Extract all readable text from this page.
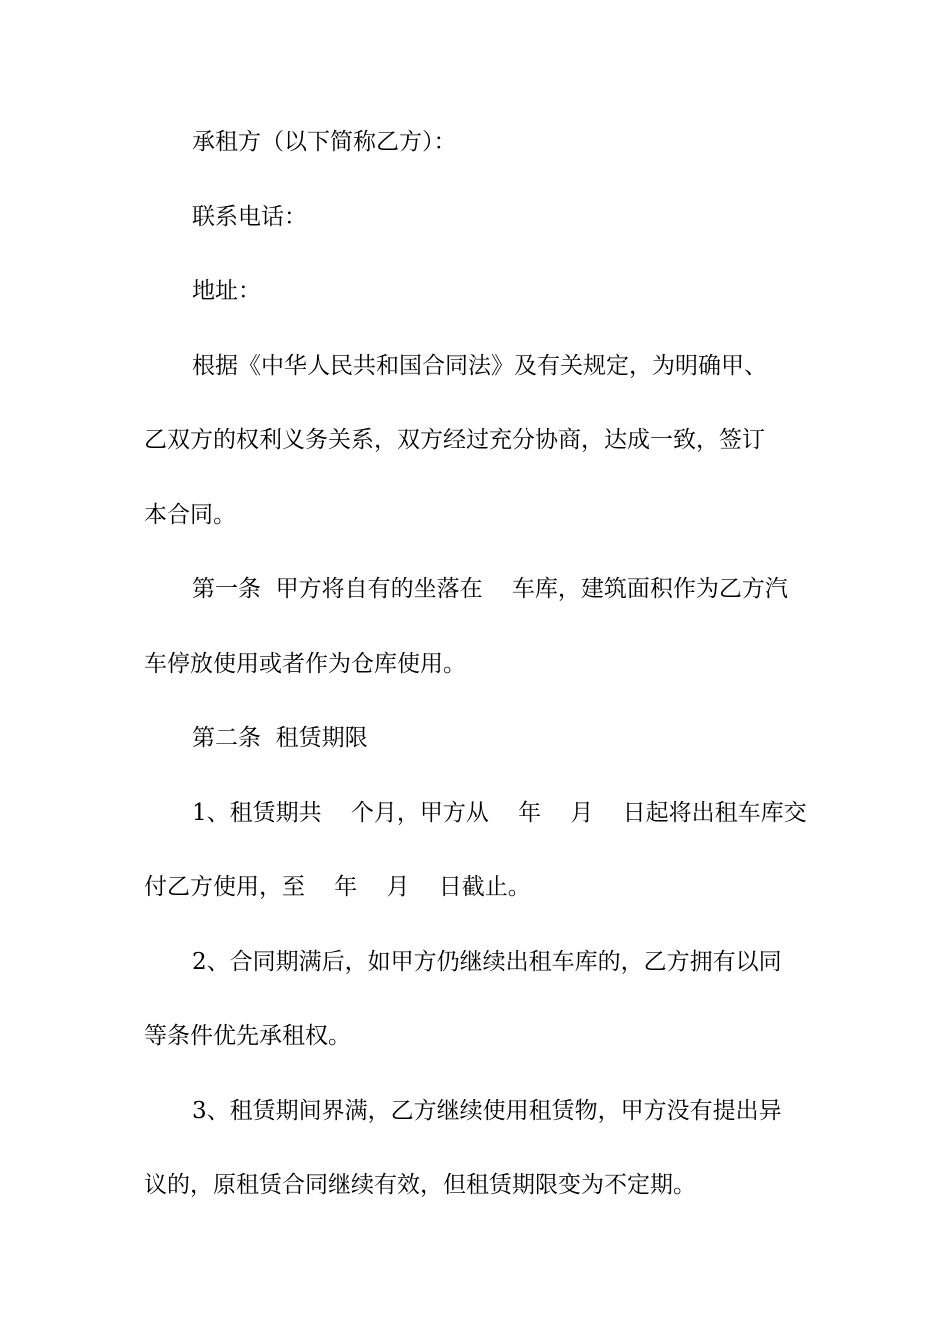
承租方（以下简称乙方）：
联系电话：
地址：
根据《中华人民共和国合同法》及有关规定，为明确甲、
乙双方的权利义务关系，双方经过充分协商，达成一致，签订
本合同。
第一条  甲方将自有的坐落在    车库，建筑面积作为乙方汽
车停放使用或者作为仓库使用。
第二条  租赁期限
1、租赁期共    个月，甲方从    年    月    日起将出租车库交
付乙方使用，至    年    月    日截止。
2、合同期满后，如甲方仍继续出租车库的，乙方拥有以同
等条件优先承租权。
3、租赁期间界满，乙方继续使用租赁物，甲方没有提出异
议的，原租赁合同继续有效，但租赁期限变为不定期。
